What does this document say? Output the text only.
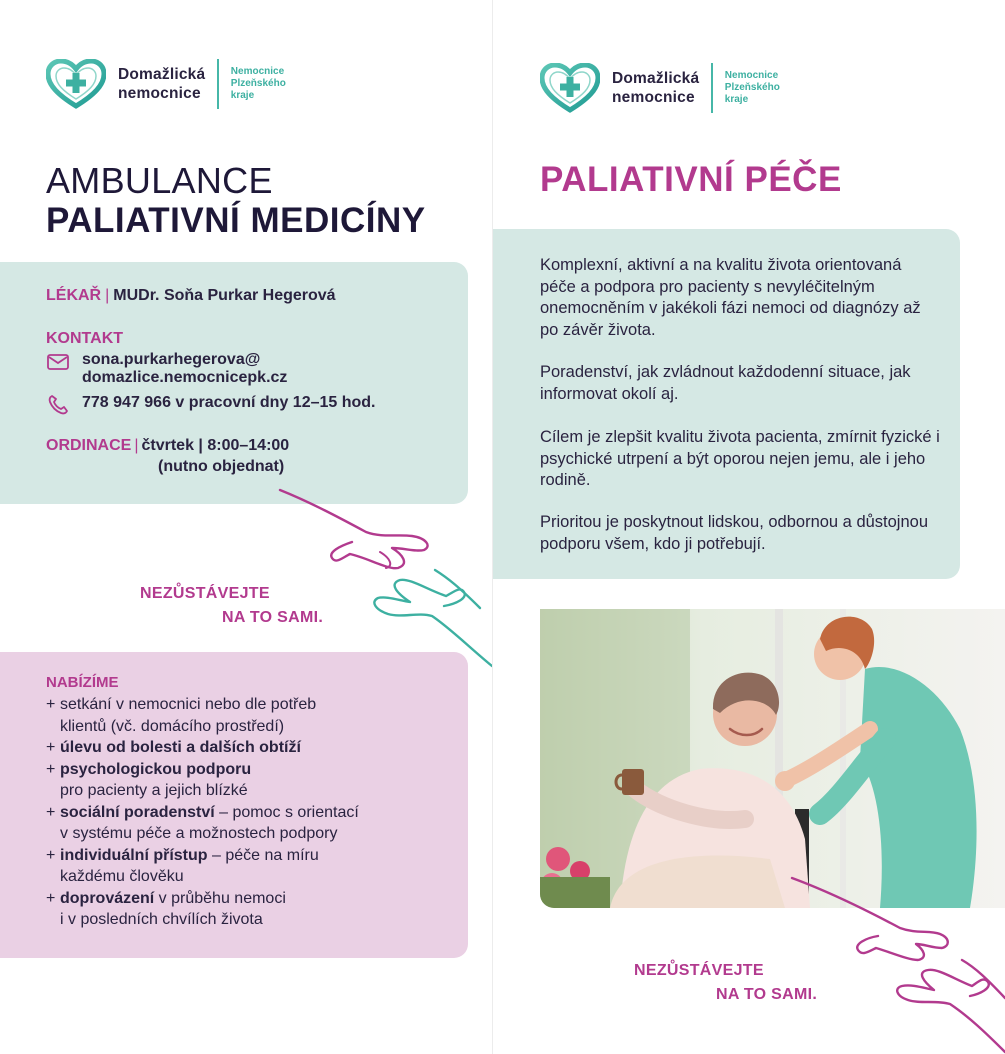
Domažlická
nemocnice
Nemocnice
Plzeňského
kraje
AMBULANCE
PALIATIVNÍ MEDICÍNY
LÉKAŘ | MUDr. Soňa Purkar Hegerová
KONTAKT
sona.purkarhegerova@
domazlice.nemocnicepk.cz
778 947 966 v pracovní dny 12–15 hod.
ORDINACE | čtvrtek | 8:00–14:00
(nutno objednat)
NEZŮSTÁVEJTE
NA TO SAMI.
NABÍZÍME
+ setkání v nemocnici nebo dle potřeb
klientů (vč. domácího prostředí)
+ úlevu od bolesti a dalších obtíží
+ psychologickou podporu
pro pacienty a jejich blízké
+ sociální poradenství – pomoc s orientací
v systému péče a možnostech podpory
+ individuální přístup – péče na míru
každému člověku
+ doprovázení v průběhu nemoci
i v posledních chvílích života
Domažlická
nemocnice
Nemocnice
Plzeňského
kraje
PALIATIVNÍ PÉČE
Komplexní, aktivní a na kvalitu života orientovaná péče a podpora pro pacienty s nevyléčitelným onemocněním v jakékoli fázi nemoci od diagnózy až po závěr života.
Poradenství, jak zvládnout každodenní situace, jak informovat okolí aj.
Cílem je zlepšit kvalitu života pacienta, zmírnit fyzické i psychické utrpení a být oporou nejen jemu, ale i jeho rodině.
Prioritou je poskytnout lidskou, odbornou a důstojnou podporu všem, kdo ji potřebují.
NEZŮSTÁVEJTE
NA TO SAMI.
